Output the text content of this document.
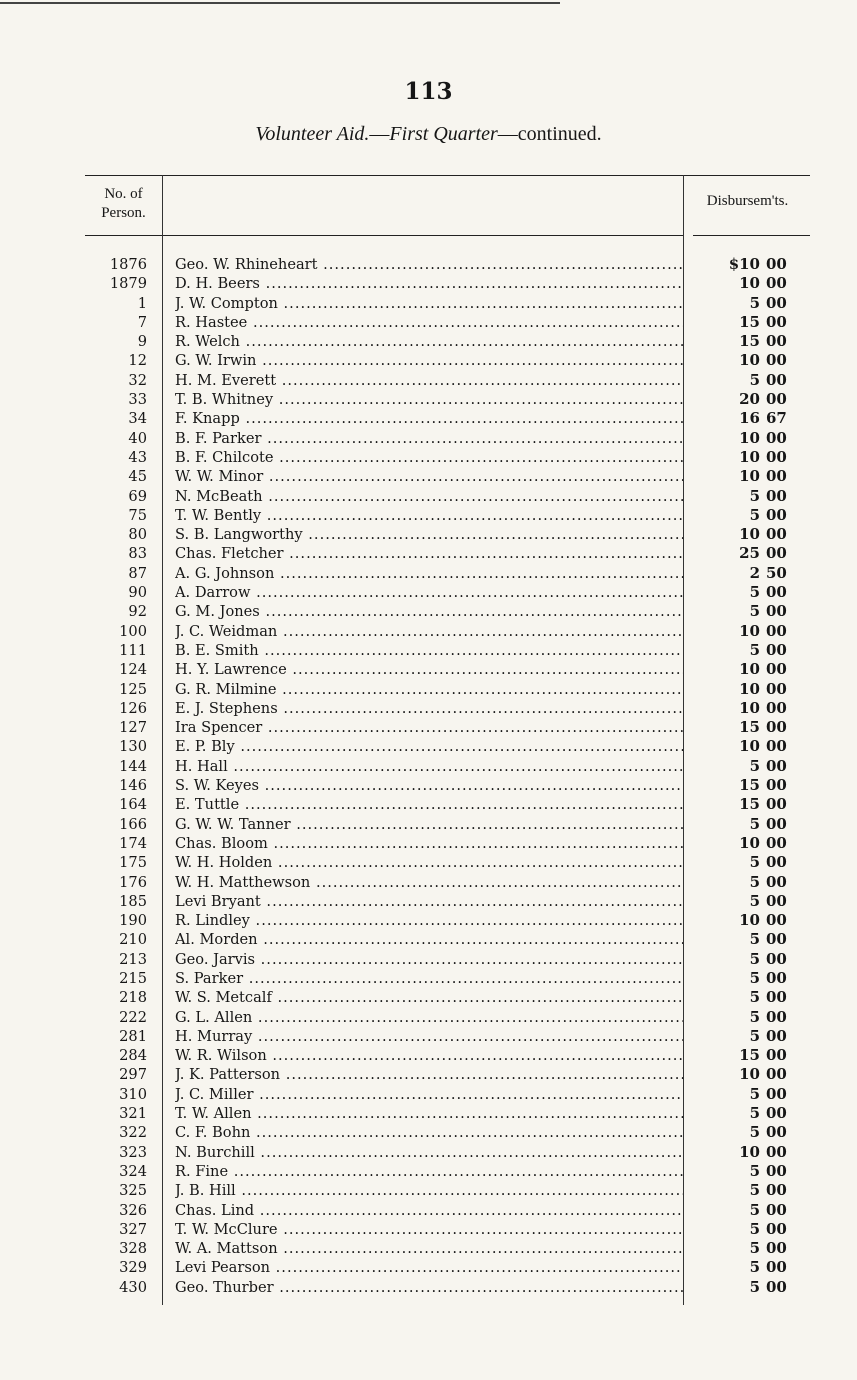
113
Volunteer Aid.—First Quarter—continued.
No. of
Person.
Disbursem'ts.
1876 Geo. W. Rhineheart .....	$10 00
1879 D. H. Beers .....	10 00
1 J. W. Compton .....	5 00
7 R. Hastee .....	15 00
9 R. Welch .....	15 00
12 G. W. Irwin .....	10 00
32 H. M. Everett .....	5 00
33 T. B. Whitney .....	20 00
34 F. Knapp .....	16 67
40 B. F. Parker .....	10 00
43 B. F. Chilcote .....	10 00
45 W. W. Minor .....	10 00
69 N. McBeath .....	5 00
75 T. W. Bently .....	5 00
80 S. B. Langworthy .....	10 00
83 Chas. Fletcher .....	25 00
87 A. G. Johnson .....	2 50
90 A. Darrow .....	5 00
92 G. M. Jones .....	5 00
100 J. C. Weidman .....	10 00
111 B. E. Smith .....	5 00
124 H. Y. Lawrence .....	10 00
125 G. R. Milmine .....	10 00
126 E. J. Stephens .....	10 00
127 Ira Spencer .....	15 00
130 E. P. Bly .....	10 00
144 H. Hall .....	5 00
146 S. W. Keyes .....	15 00
164 E. Tuttle .....	15 00
166 G. W. W. Tanner .....	5 00
174 Chas. Bloom .....	10 00
175 W. H. Holden .....	5 00
176 W. H. Matthewson .....	5 00
185 Levi Bryant .....	5 00
190 R. Lindley .....	10 00
210 Al. Morden .....	5 00
213 Geo. Jarvis .....	5 00
215 S. Parker .....	5 00
218 W. S. Metcalf .....	5 00
222 G. L. Allen .....	5 00
281 H. Murray .....	5 00
284 W. R. Wilson .....	15 00
297 J. K. Patterson .....	10 00
310 J. C. Miller .....	5 00
321 T. W. Allen .....	5 00
322 C. F. Bohn .....	5 00
323 N. Burchill .....	10 00
324 R. Fine .....	5 00
325 J. B. Hill .....	5 00
326 Chas. Lind .....	5 00
327 T. W. McClure .....	5 00
328 W. A. Mattson .....	5 00
329 Levi Pearson .....	5 00
430 Geo. Thurber .....	5 00
